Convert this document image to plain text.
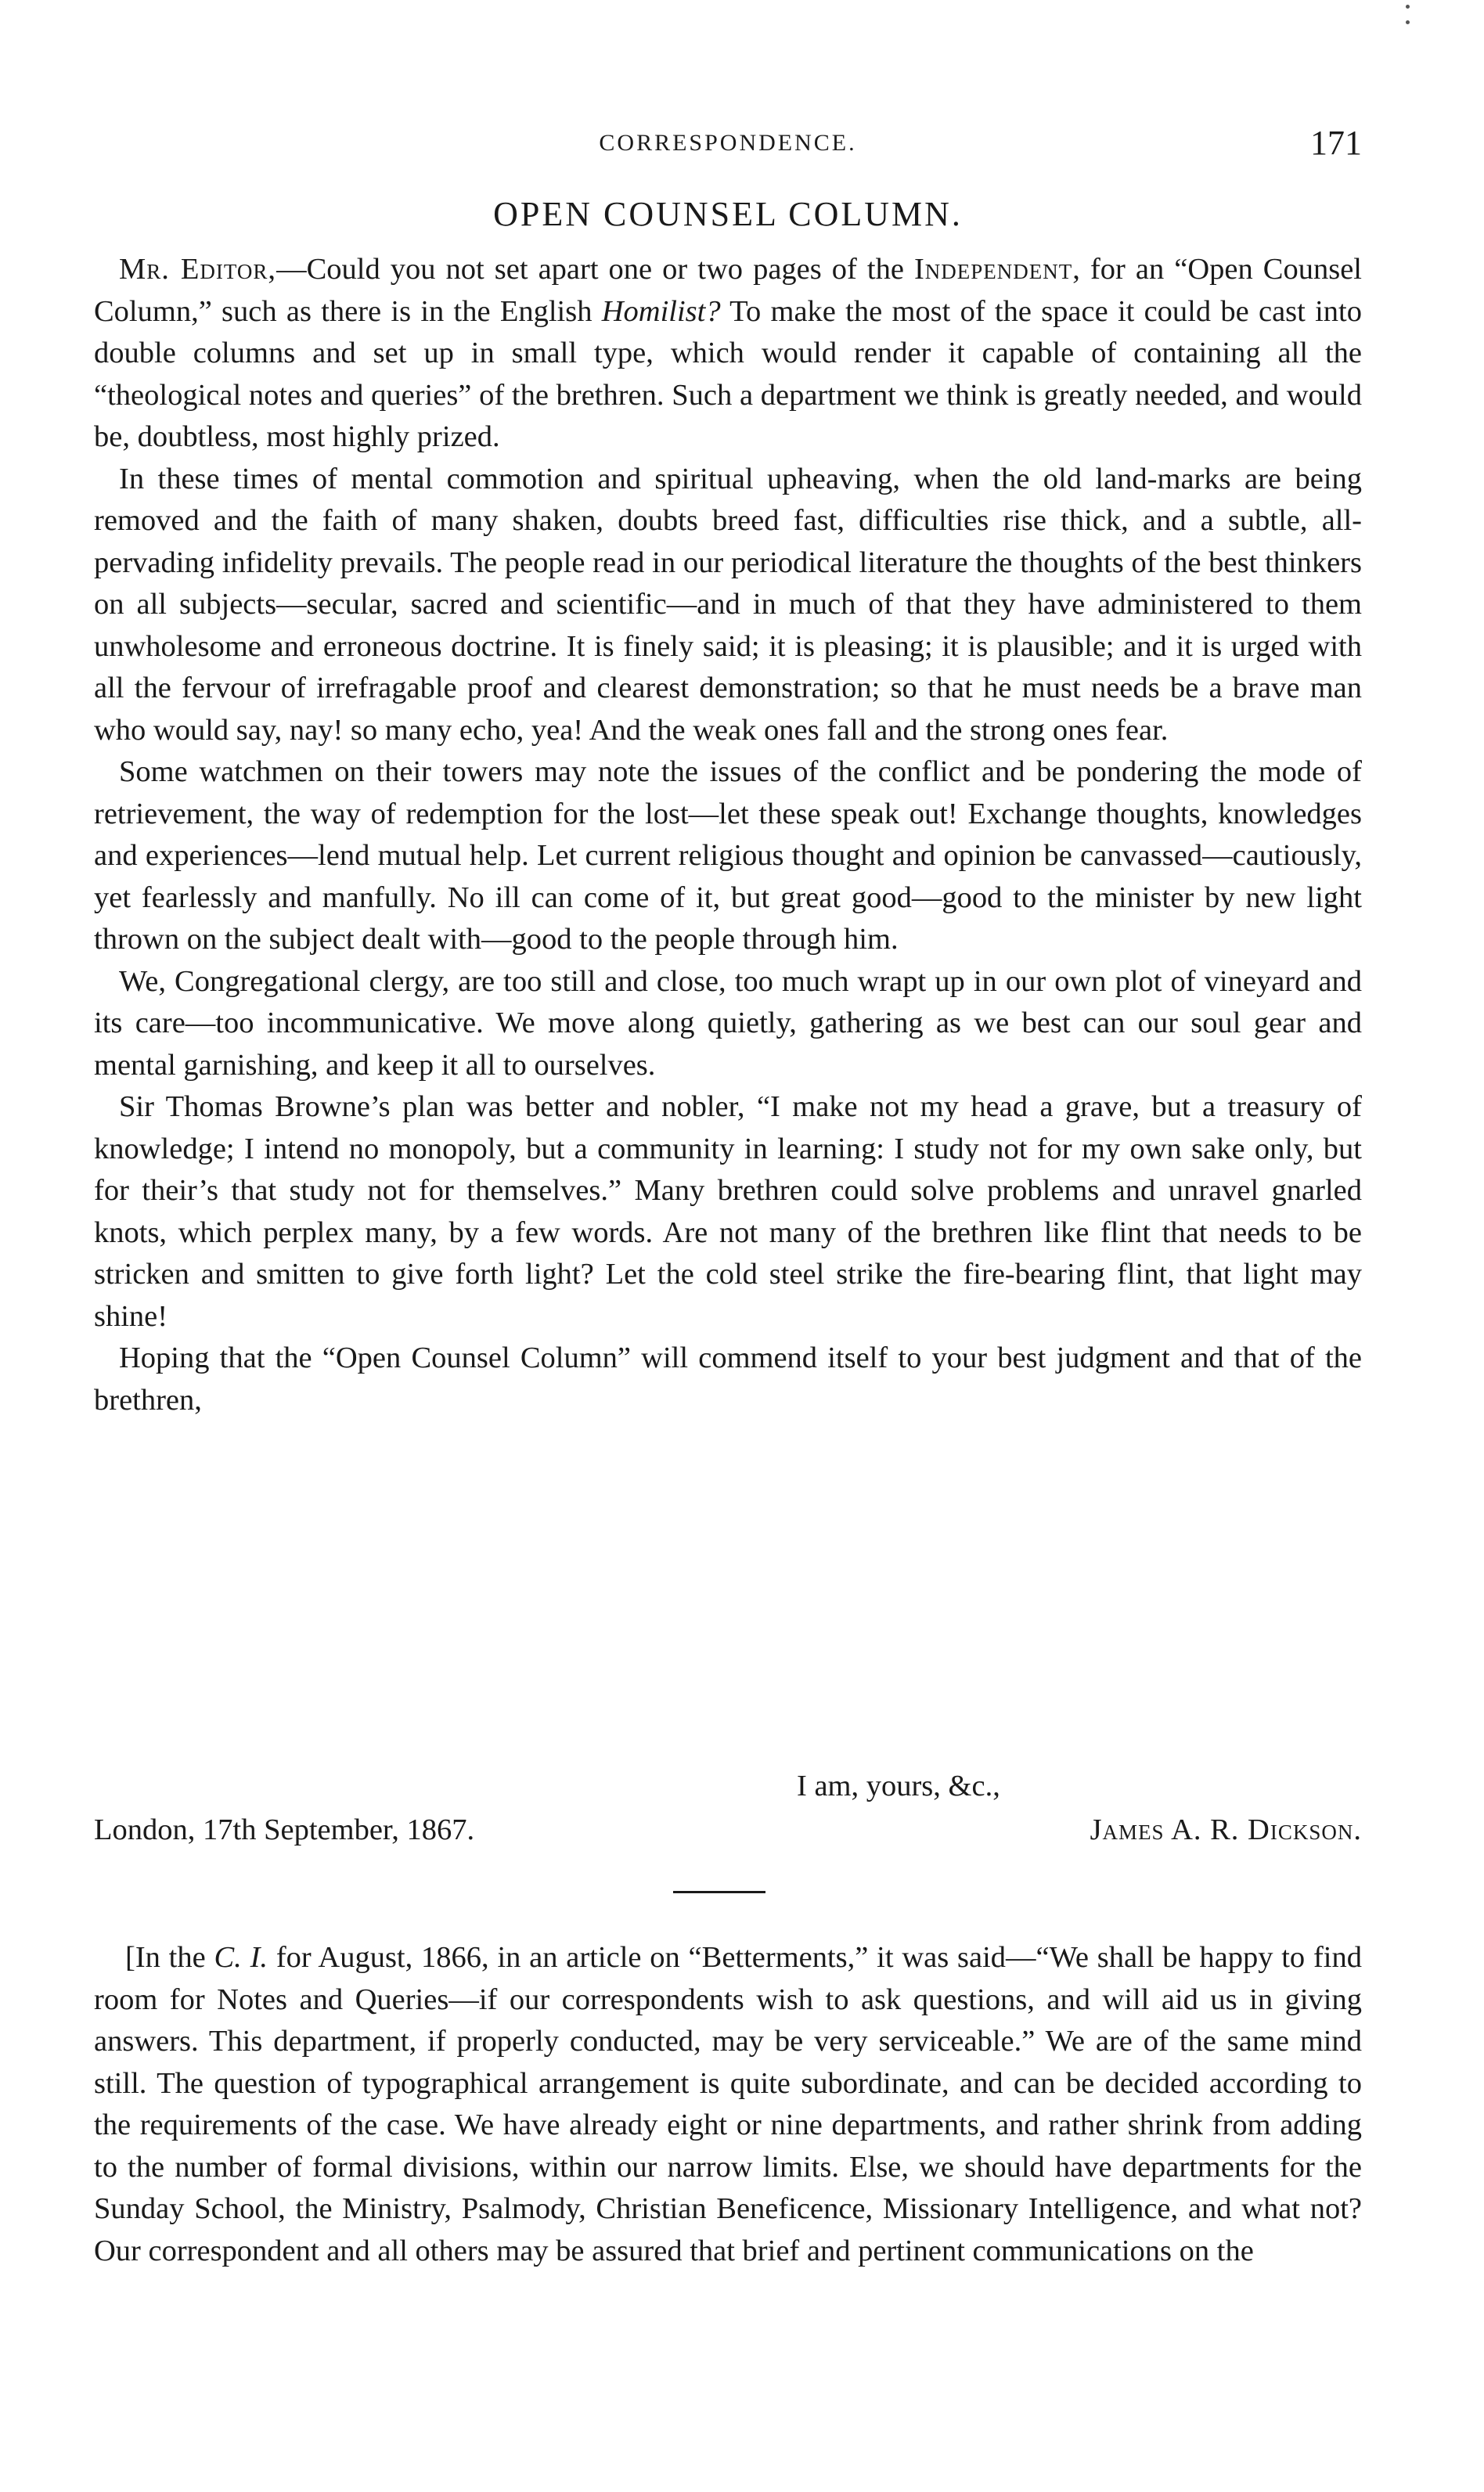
CORRESPONDENCE.	171
OPEN COUNSEL COLUMN.

Mr. Editor,—Could you not set apart one or two pages of the Independent, for an “Open Counsel Column,” such as there is in the English Homilist? To make the most of the space it could be cast into double columns and set up in small type, which would render it capable of containing all the “theological notes and queries” of the brethren. Such a department we think is greatly needed, and would be, doubtless, most highly prized.

In these times of mental commotion and spiritual upheaving, when the old land-marks are being removed and the faith of many shaken, doubts breed fast, difficulties rise thick, and a subtle, all-pervading infidelity prevails. The people read in our periodical literature the thoughts of the best thinkers on all subjects—secular, sacred and scientific—and in much of that they have administered to them unwholesome and erroneous doctrine. It is finely said; it is pleasing; it is plausible; and it is urged with all the fervour of irrefragable proof and clearest demonstration; so that he must needs be a brave man who would say, nay! so many echo, yea! And the weak ones fall and the strong ones fear.

Some watchmen on their towers may note the issues of the conflict and be pondering the mode of retrievement, the way of redemption for the lost—let these speak out! Exchange thoughts, knowledges and experiences—lend mutual help. Let current religious thought and opinion be canvassed—cautiously, yet fearlessly and manfully. No ill can come of it, but great good—good to the minister by new light thrown on the subject dealt with—good to the people through him.

We, Congregational clergy, are too still and close, too much wrapt up in our own plot of vineyard and its care—too incommunicative. We move along quietly, gathering as we best can our soul gear and mental garnishing, and keep it all to ourselves.

Sir Thomas Browne’s plan was better and nobler, “I make not my head a grave, but a treasury of knowledge; I intend no monopoly, but a community in learning: I study not for my own sake only, but for their’s that study not for themselves.” Many brethren could solve problems and unravel gnarled knots, which perplex many, by a few words. Are not many of the brethren like flint that needs to be stricken and smitten to give forth light? Let the cold steel strike the fire-bearing flint, that light may shine!

Hoping that the “Open Counsel Column” will commend itself to your best judgment and that of the brethren,

I am, yours, &c.,
London, 17th September, 1867.	James A. R. Dickson.

[In the C. I. for August, 1866, in an article on “Betterments,” it was said—“We shall be happy to find room for Notes and Queries—if our correspondents wish to ask questions, and will aid us in giving answers. This department, if properly conducted, may be very serviceable.” We are of the same mind still. The question of typographical arrangement is quite subordinate, and can be decided according to the requirements of the case. We have already eight or nine departments, and rather shrink from adding to the number of formal divisions, within our narrow limits. Else, we should have departments for the Sunday School, the Ministry, Psalmody, Christian Beneficence, Missionary Intelligence, and what not? Our correspondent and all others may be assured that brief and pertinent communications on the
